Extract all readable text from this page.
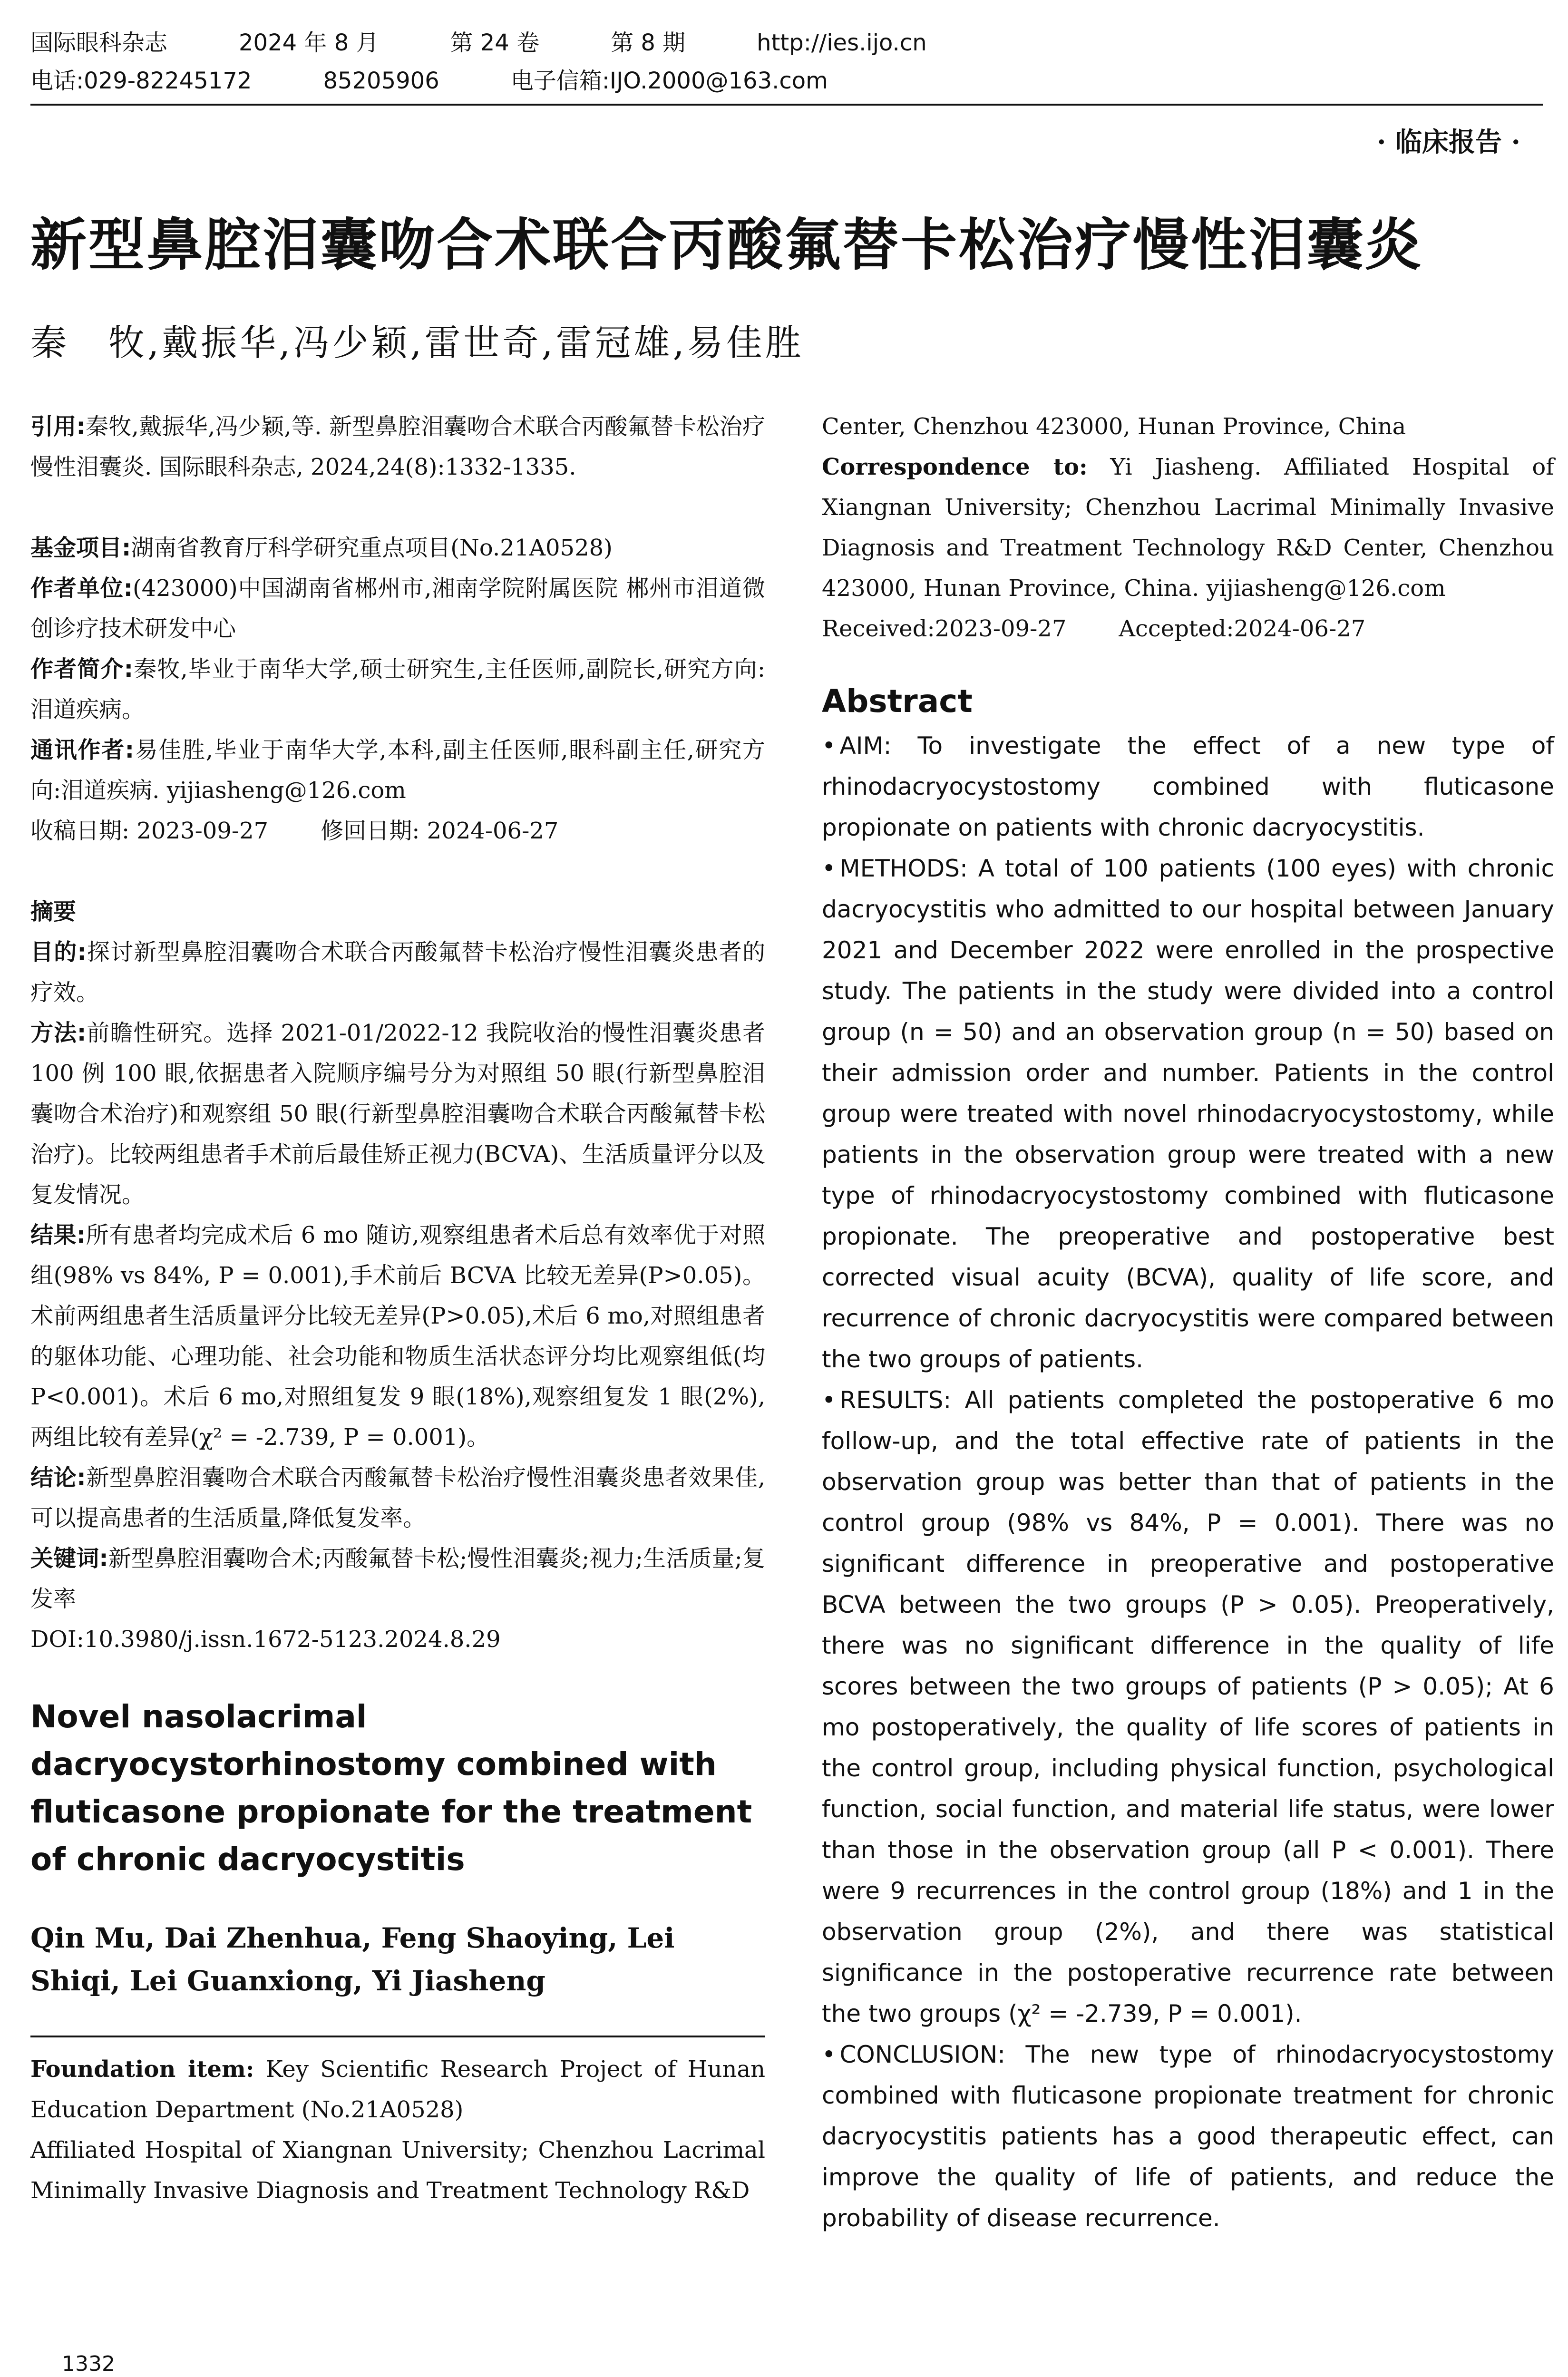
国际眼科杂志	2024 年 8 月	第 24 卷	第 8 期	http://ies.ijo.cn
电话:029-82245172	85205906	电子信箱:IJO.2000@163.com
· 临床报告 ·
新型鼻腔泪囊吻合术联合丙酸氟替卡松治疗慢性泪囊炎
秦　牧,戴振华,冯少颖,雷世奇,雷冠雄,易佳胜

引用:秦牧,戴振华,冯少颖,等. 新型鼻腔泪囊吻合术联合丙酸氟替卡松治疗慢性泪囊炎. 国际眼科杂志, 2024,24(8):1332-1335.

基金项目:湖南省教育厅科学研究重点项目(No.21A0528)

作者单位:(423000)中国湖南省郴州市,湘南学院附属医院 郴州市泪道微创诊疗技术研发中心

作者简介:秦牧,毕业于南华大学,硕士研究生,主任医师,副院长,研究方向:泪道疾病。

通讯作者:易佳胜,毕业于南华大学,本科,副主任医师,眼科副主任,研究方向:泪道疾病. yijiasheng@126.com

收稿日期: 2023-09-27 修回日期: 2024-06-27

摘要

目的:探讨新型鼻腔泪囊吻合术联合丙酸氟替卡松治疗慢性泪囊炎患者的疗效。

方法:前瞻性研究。选择 2021-01/2022-12 我院收治的慢性泪囊炎患者 100 例 100 眼,依据患者入院顺序编号分为对照组 50 眼(行新型鼻腔泪囊吻合术治疗)和观察组 50 眼(行新型鼻腔泪囊吻合术联合丙酸氟替卡松治疗)。比较两组患者手术前后最佳矫正视力(BCVA)、生活质量评分以及复发情况。

结果:所有患者均完成术后 6 mo 随访,观察组患者术后总有效率优于对照组(98% vs 84%, P = 0.001),手术前后 BCVA 比较无差异(P>0.05)。术前两组患者生活质量评分比较无差异(P>0.05),术后 6 mo,对照组患者的躯体功能、心理功能、社会功能和物质生活状态评分均比观察组低(均 P<0.001)。术后 6 mo,对照组复发 9 眼(18%),观察组复发 1 眼(2%),两组比较有差异(χ² = -2.739, P = 0.001)。

结论:新型鼻腔泪囊吻合术联合丙酸氟替卡松治疗慢性泪囊炎患者效果佳,可以提高患者的生活质量,降低复发率。

关键词:新型鼻腔泪囊吻合术;丙酸氟替卡松;慢性泪囊炎;视力;生活质量;复发率

DOI:10.3980/j.issn.1672-5123.2024.8.29

Novel nasolacrimal dacryocystorhinostomy combined with fluticasone propionate for the treatment of chronic dacryocystitis
Qin Mu, Dai Zhenhua, Feng Shaoying, Lei Shiqi, Lei Guanxiong, Yi Jiasheng

Foundation item: Key Scientific Research Project of Hunan Education Department (No.21A0528)

Affiliated Hospital of Xiangnan University; Chenzhou Lacrimal Minimally Invasive Diagnosis and Treatment Technology R&D

Center, Chenzhou 423000, Hunan Province, China

Correspondence to: Yi Jiasheng. Affiliated Hospital of Xiangnan University; Chenzhou Lacrimal Minimally Invasive Diagnosis and Treatment Technology R&D Center, Chenzhou 423000, Hunan Province, China. yijiasheng@126.com

Received:2023-09-27 Accepted:2024-06-27

Abstract

• AIM: To investigate the effect of a new type of rhinodacryocystostomy combined with fluticasone propionate on patients with chronic dacryocystitis.

• METHODS: A total of 100 patients (100 eyes) with chronic dacryocystitis who admitted to our hospital between January 2021 and December 2022 were enrolled in the prospective study. The patients in the study were divided into a control group (n = 50) and an observation group (n = 50) based on their admission order and number. Patients in the control group were treated with novel rhinodacryocystostomy, while patients in the observation group were treated with a new type of rhinodacryocystostomy combined with fluticasone propionate. The preoperative and postoperative best corrected visual acuity (BCVA), quality of life score, and recurrence of chronic dacryocystitis were compared between the two groups of patients.

• RESULTS: All patients completed the postoperative 6 mo follow-up, and the total effective rate of patients in the observation group was better than that of patients in the control group (98% vs 84%, P = 0.001). There was no significant difference in preoperative and postoperative BCVA between the two groups (P > 0.05). Preoperatively, there was no significant difference in the quality of life scores between the two groups of patients (P > 0.05); At 6 mo postoperatively, the quality of life scores of patients in the control group, including physical function, psychological function, social function, and material life status, were lower than those in the observation group (all P < 0.001). There were 9 recurrences in the control group (18%) and 1 in the observation group (2%), and there was statistical significance in the postoperative recurrence rate between the two groups (χ² = -2.739, P = 0.001).

• CONCLUSION: The new type of rhinodacryocystostomy combined with fluticasone propionate treatment for chronic dacryocystitis patients has a good therapeutic effect, can improve the quality of life of patients, and reduce the probability of disease recurrence.

1332
